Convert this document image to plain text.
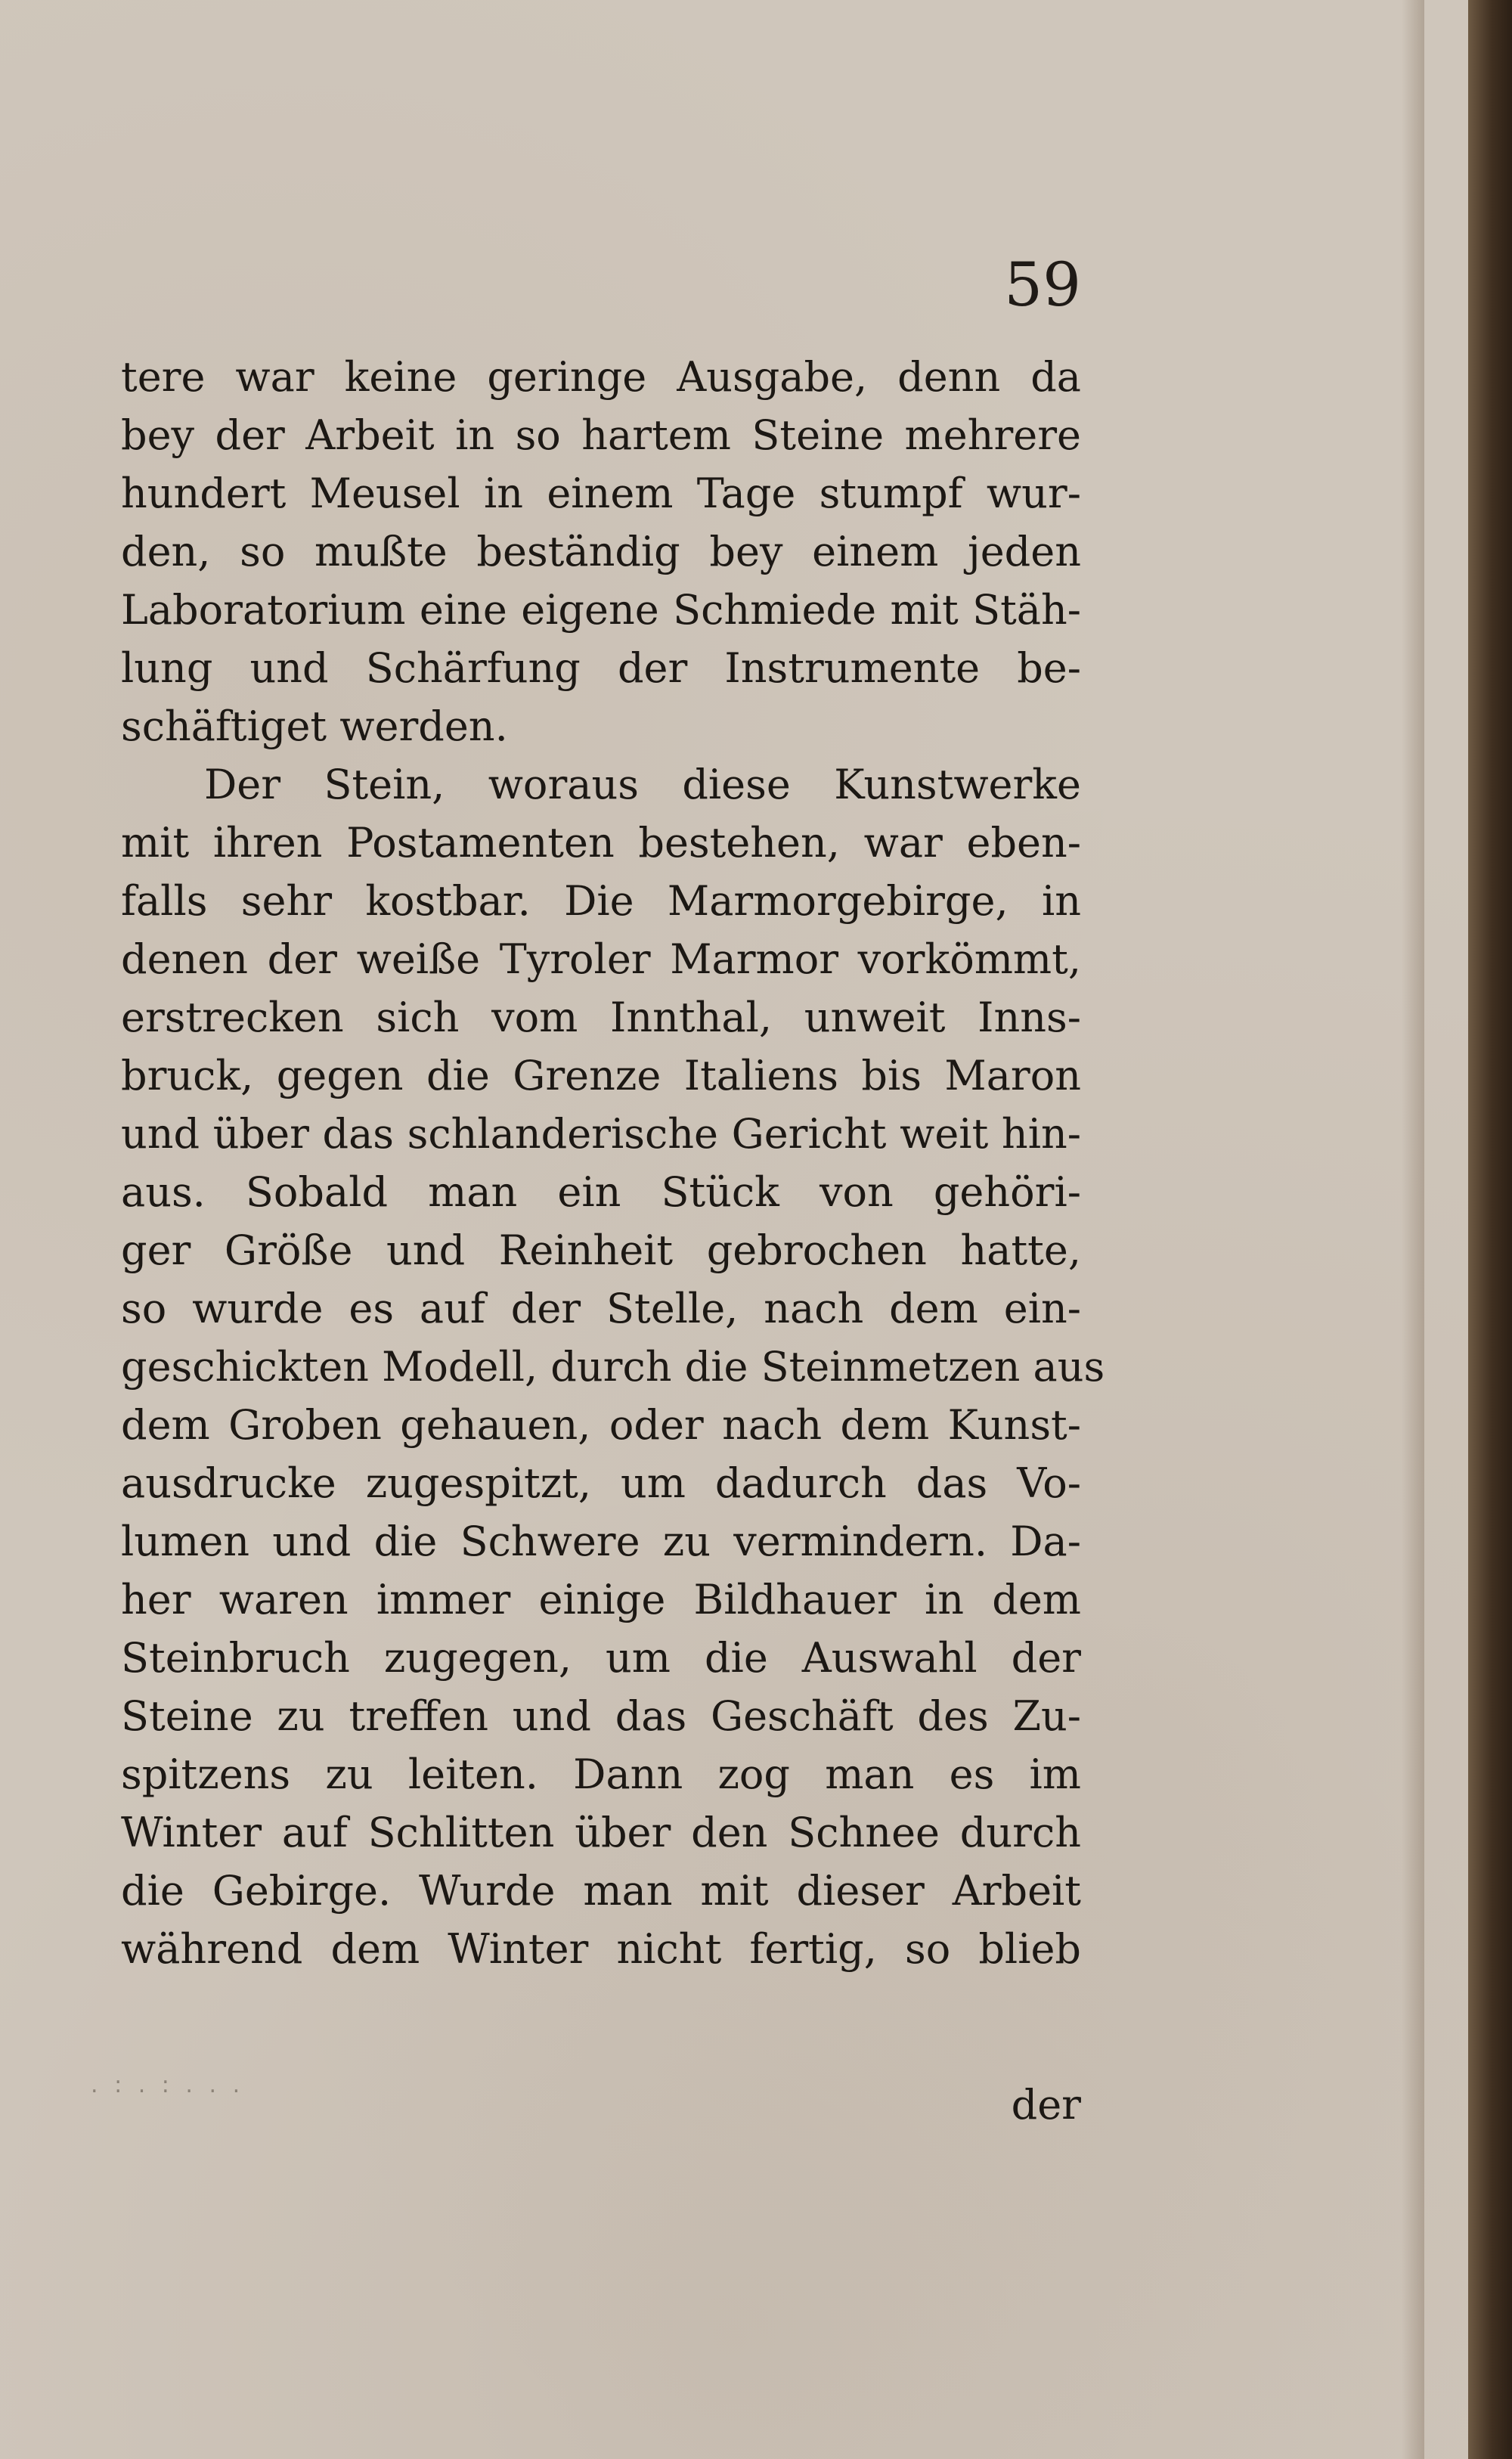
59
tere war keine geringe Ausgabe, denn da
bey der Arbeit in so hartem Steine mehrere
hundert Meusel in einem Tage stumpf wur-
den, so mußte beständig bey einem jeden
Laboratorium eine eigene Schmiede mit Stäh-
lung und Schärfung der Instrumente be-
schäftiget werden.
Der Stein, woraus diese Kunstwerke
mit ihren Postamenten bestehen, war eben-
falls sehr kostbar. Die Marmorgebirge, in
denen der weiße Tyroler Marmor vorkömmt,
erstrecken sich vom Innthal, unweit Inns-
bruck, gegen die Grenze Italiens bis Maron
und über das schlanderische Gericht weit hin-
aus. Sobald man ein Stück von gehöri-
ger Größe und Reinheit gebrochen hatte,
so wurde es auf der Stelle, nach dem ein-
geschickten Modell, durch die Steinmetzen aus
dem Groben gehauen, oder nach dem Kunst-
ausdrucke zugespitzt, um dadurch das Vo-
lumen und die Schwere zu vermindern. Da-
her waren immer einige Bildhauer in dem
Steinbruch zugegen, um die Auswahl der
Steine zu treffen und das Geschäft des Zu-
spitzens zu leiten. Dann zog man es im
Winter auf Schlitten über den Schnee durch
die Gebirge. Wurde man mit dieser Arbeit
während dem Winter nicht fertig, so blieb
. : . : . . .	der
